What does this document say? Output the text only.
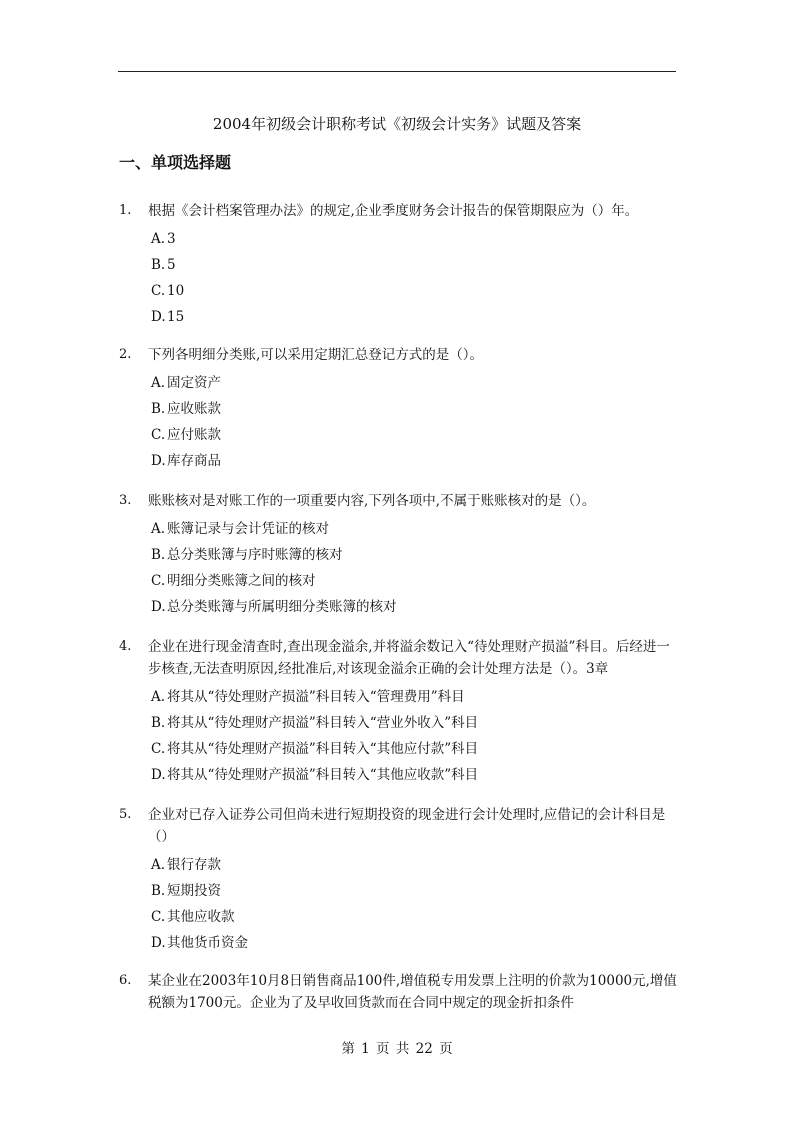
2004年初级会计职称考试《初级会计实务》试题及答案
一、单项选择题
1. 根据《会计档案管理办法》的规定,企业季度财务会计报告的保管期限应为（）年。
A. 3
B. 5
C. 10
D. 15
2. 下列各明细分类账,可以采用定期汇总登记方式的是（）。
A. 固定资产
B. 应收账款
C. 应付账款
D. 库存商品
3. 账账核对是对账工作的一项重要内容,下列各项中,不属于账账核对的是（）。
A. 账簿记录与会计凭证的核对
B. 总分类账簿与序时账簿的核对
C. 明细分类账簿之间的核对
D. 总分类账簿与所属明细分类账簿的核对
4. 企业在进行现金清查时,查出现金溢余,并将溢余数记入“待处理财产损溢”科目。后经进一步核查,无法查明原因,经批准后,对该现金溢余正确的会计处理方法是（）。3章
A. 将其从“待处理财产损溢”科目转入“管理费用”科目
B. 将其从“待处理财产损溢”科目转入“营业外收入”科目
C. 将其从“待处理财产损溢”科目转入“其他应付款”科目
D. 将其从“待处理财产损溢”科目转入“其他应收款”科目
5. 企业对已存入证券公司但尚未进行短期投资的现金进行会计处理时,应借记的会计科目是（）
A. 银行存款
B. 短期投资
C. 其他应收款
D. 其他货币资金
6. 某企业在2003年10月8日销售商品100件,增值税专用发票上注明的价款为10000元,增值税额为1700元。企业为了及早收回货款而在合同中规定的现金折扣条件
第 1 页 共 22 页
